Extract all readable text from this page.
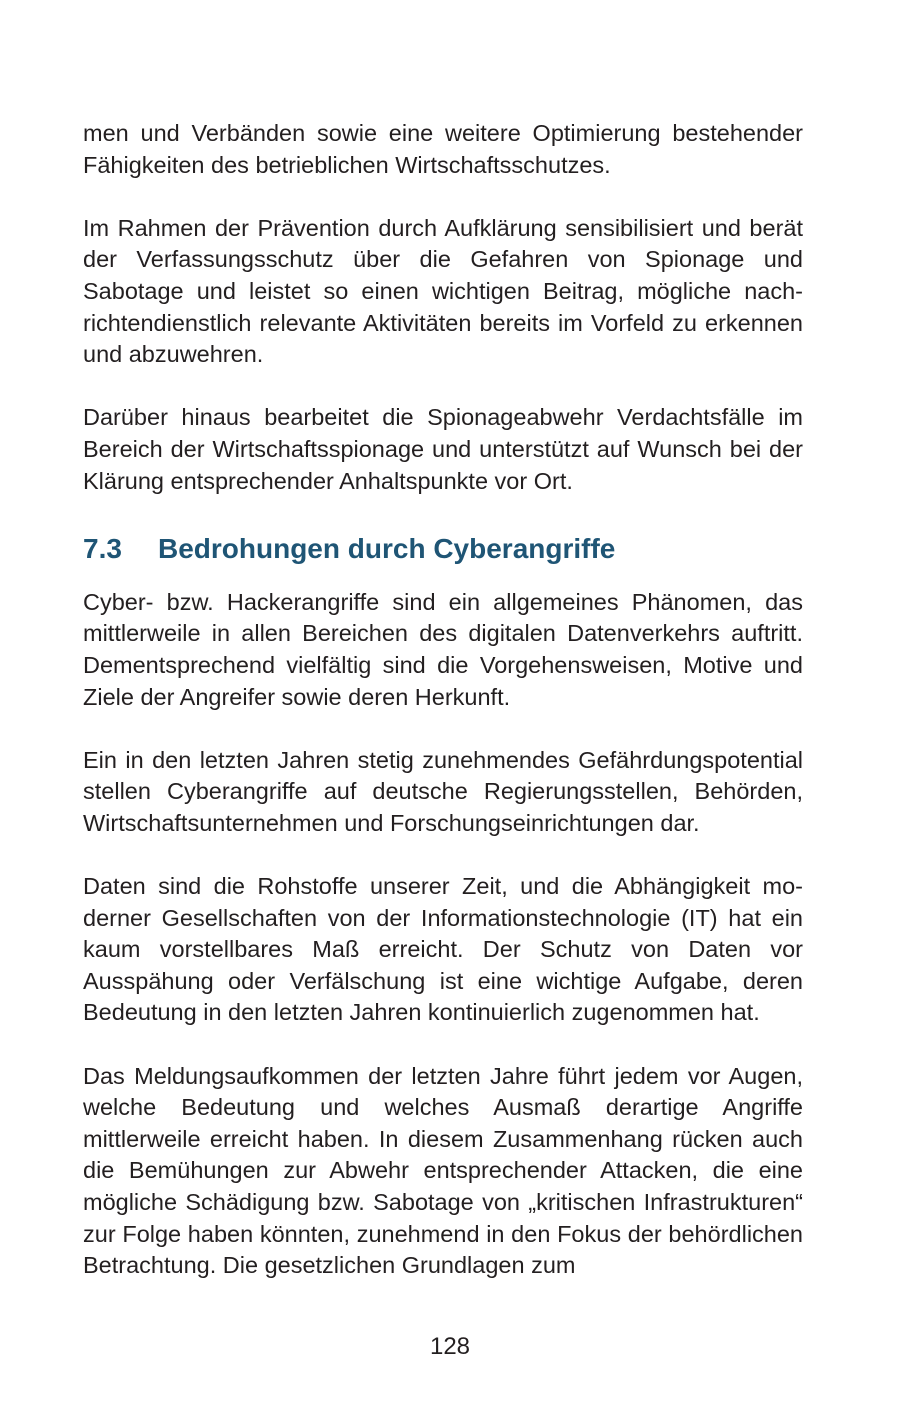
men und Verbänden sowie eine weitere Optimierung bestehender Fähigkeiten des betrieblichen Wirtschaftsschutzes.

Im Rahmen der Prävention durch Aufklärung sensibilisiert und berät der Verfassungsschutz über die Gefahren von Spionage und Sabotage und leistet so einen wichtigen Beitrag, mögliche nachrichtendienstlich relevante Aktivitäten bereits im Vorfeld zu erkennen und abzuwehren.

Darüber hinaus bearbeitet die Spionageabwehr Verdachtsfälle im Bereich der Wirtschaftsspionage und unterstützt auf Wunsch bei der Klärung entsprechender Anhaltspunkte vor Ort.

7.3	Bedrohungen durch Cyberangriffe

Cyber- bzw. Hackerangriffe sind ein allgemeines Phänomen, das mittlerweile in allen Bereichen des digitalen Datenverkehrs auftritt. Dementsprechend vielfältig sind die Vorgehensweisen, Motive und Ziele der Angreifer sowie deren Herkunft.

Ein in den letzten Jahren stetig zunehmendes Gefährdungspotential stellen Cyberangriffe auf deutsche Regierungsstellen, Behörden, Wirtschaftsunternehmen und Forschungseinrichtungen dar.

Daten sind die Rohstoffe unserer Zeit, und die Abhängigkeit moderner Gesellschaften von der Informationstechnologie (IT) hat ein kaum vorstellbares Maß erreicht. Der Schutz von Daten vor Ausspähung oder Verfälschung ist eine wichtige Aufgabe, deren Bedeutung in den letzten Jahren kontinuierlich zugenommen hat.

Das Meldungsaufkommen der letzten Jahre führt jedem vor Augen, welche Bedeutung und welches Ausmaß derartige Angriffe mittlerweile erreicht haben. In diesem Zusammenhang rücken auch die Bemühungen zur Abwehr entsprechender Attacken, die eine mögliche Schädigung bzw. Sabotage von „kritischen Infrastrukturen“ zur Folge haben könnten, zunehmend in den Fokus der behördlichen Betrachtung. Die gesetzlichen Grundlagen zum

128
